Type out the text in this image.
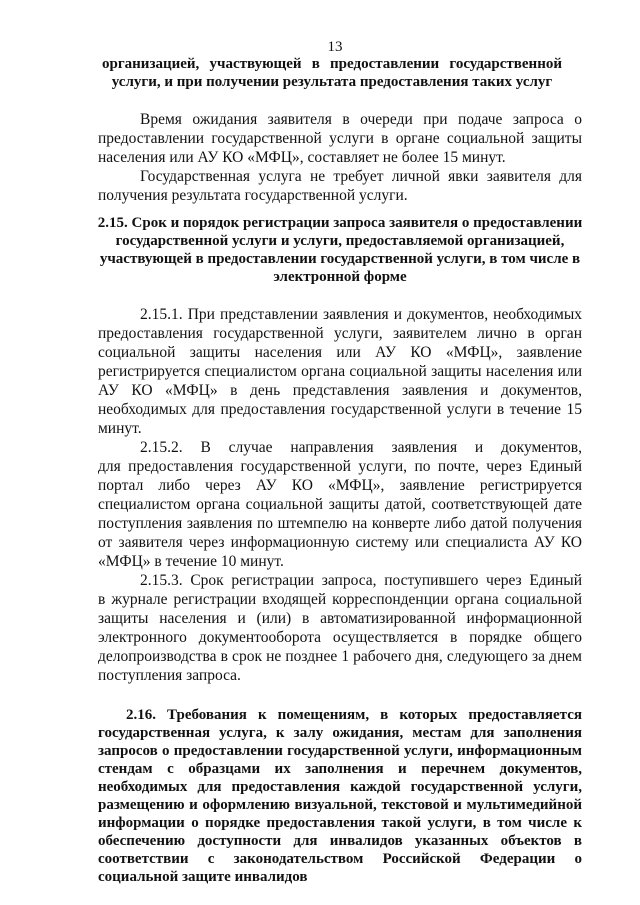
13
организацией, участвующей в предоставлении государственной
услуги, и при получении результата предоставления таких услуг
Время ожидания заявителя в очереди при подаче запроса о
предоставлении государственной услуги в органе социальной защиты
населения или АУ КО «МФЦ», составляет не более 15 минут.
Государственная услуга не требует личной явки заявителя для
получения результата государственной услуги.
2.15. Срок и порядок регистрации запроса заявителя о предоставлении
государственной услуги и услуги, предоставляемой организацией,
участвующей в предоставлении государственной услуги, в том числе в
электронной форме
2.15.1. При представлении заявления и документов, необходимых
предоставления государственной услуги, заявителем лично в орган
социальной защиты населения или АУ КО «МФЦ», заявление
регистрируется специалистом органа социальной защиты населения или
АУ КО «МФЦ» в день представления заявления и документов,
необходимых для предоставления государственной услуги в течение 15
минут.
2.15.2. В случае направления заявления и документов,
для предоставления государственной услуги, по почте, через Единый
портал либо через АУ КО «МФЦ», заявление регистрируется
специалистом органа социальной защиты датой, соответствующей дате
поступления заявления по штемпелю на конверте либо датой получения
от заявителя через информационную систему или специалиста АУ КО
«МФЦ» в течение 10 минут.
2.15.3. Срок регистрации запроса, поступившего через Единый
в журнале регистрации входящей корреспонденции органа социальной
защиты населения и (или) в автоматизированной информационной
электронного документооборота осуществляется в порядке общего
делопроизводства в срок не позднее 1 рабочего дня, следующего за днем
поступления запроса.
2.16. Требования к помещениям, в которых предоставляется
государственная услуга, к залу ожидания, местам для заполнения
запросов о предоставлении государственной услуги, информационным
стендам с образцами их заполнения и перечнем документов,
необходимых для предоставления каждой государственной услуги,
размещению и оформлению визуальной, текстовой и мультимедийной
информации о порядке предоставления такой услуги, в том числе к
обеспечению доступности для инвалидов указанных объектов в
соответствии с законодательством Российской Федерации о
социальной защите инвалидов
